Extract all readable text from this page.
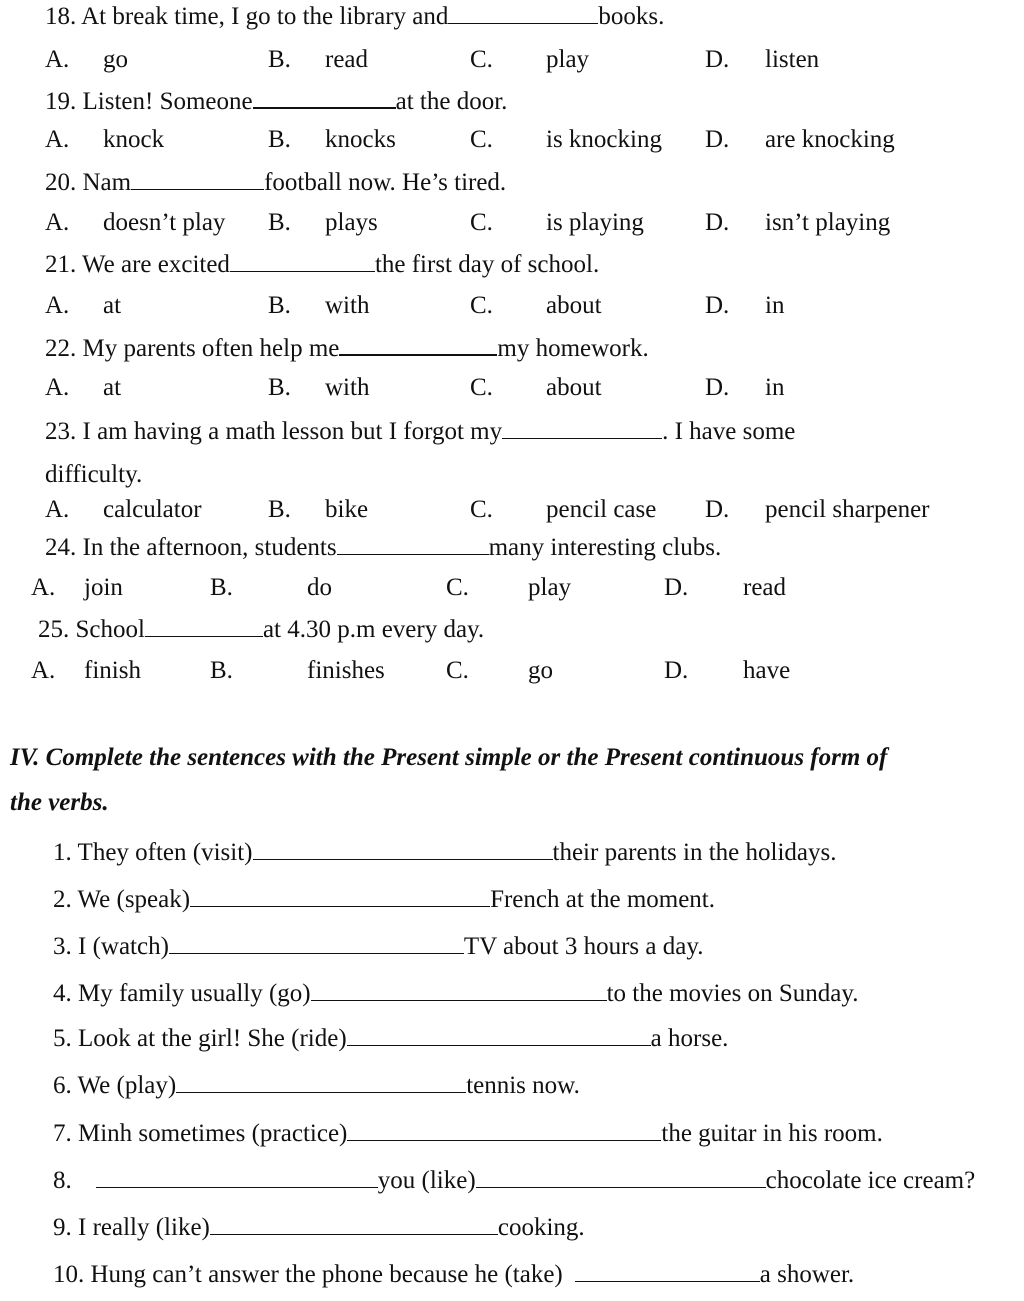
18. At break time, I go to the library and	books.
A. go	B. read	C. play	D. listen
19. Listen! Someone	at the door.
A. knock	B. knocks	C. is knocking D. are knocking
20. Nam	football now. He’s tired.
A. doesn’t play B. plays	C. is playing D. isn’t playing
21. We are excited	the first day of school.
A. at	B. with	C. about	D. in
22. My parents often help me	my homework.
A. at	B. with	C. about	D. in
23. I am having a math lesson but I forgot my	. I have some
difficulty.
A. calculator	B. bike	C. pencil case D. pencil sharpener
24. In the afternoon, students	many interesting clubs.
A. join	B.	do	C. play	D. read
25. School	at 4.30 p.m every day.
A. finish	B.	finishes C. go	D. have
IV. Complete the sentences with the Present simple or the Present continuous form of
the verbs.
1. They often (visit)	their parents in the holidays.
2. We (speak)	French at the moment.
3. I (watch)	TV about 3 hours a day.
4. My family usually (go)	to the movies on Sunday.
5. Look at the girl! She (ride)	a horse.
6. We (play)	tennis now.
7. Minh sometimes (practice)	the guitar in his room.
8.	you (like)	chocolate ice cream?
9. I really (like)	cooking.
10. Hung can’t answer the phone because he (take)	a shower.
